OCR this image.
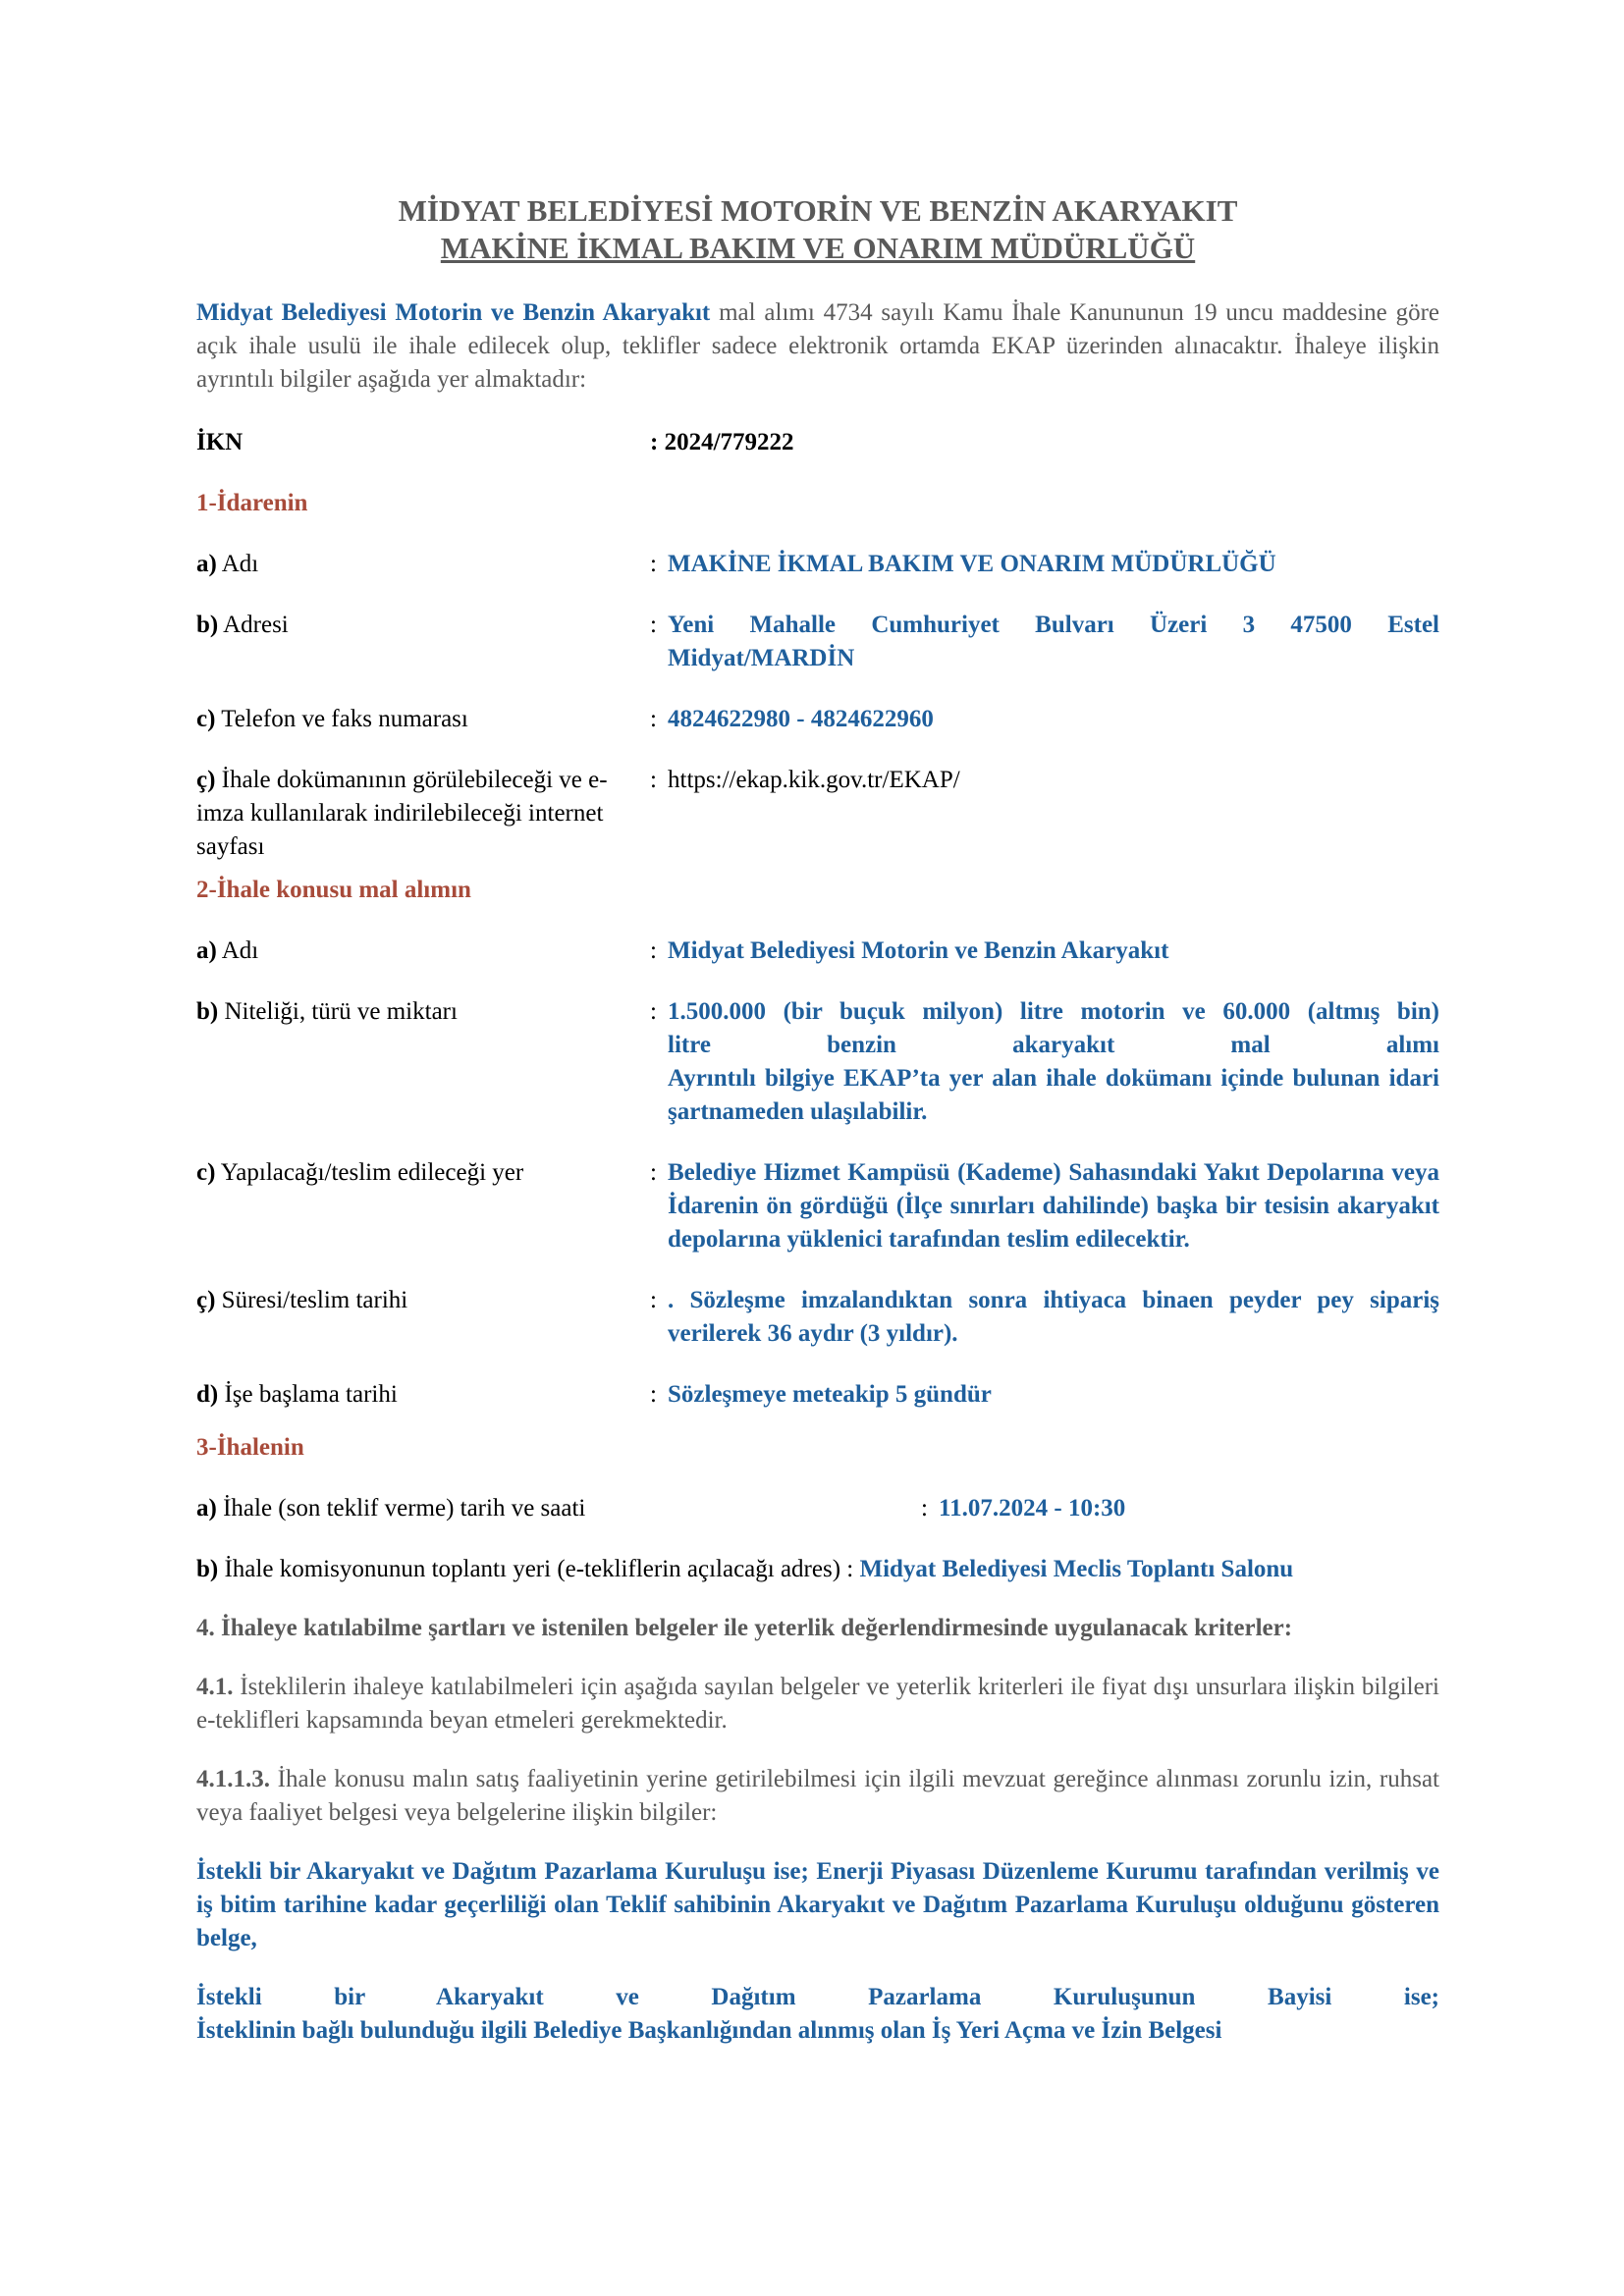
MİDYAT BELEDİYESİ MOTORİN VE BENZİN AKARYAKIT
MAKİNE İKMAL BAKIM VE ONARIM MÜDÜRLÜĞÜ

Midyat Belediyesi Motorin ve Benzin Akaryakıt mal alımı 4734 sayılı Kamu İhale Kanununun 19 uncu maddesine göre açık ihale usulü ile ihale edilecek olup, teklifler sadece elektronik ortamda EKAP üzerinden alınacaktır. İhaleye ilişkin ayrıntılı bilgiler aşağıda yer almaktadır:

İKN	: 2024/779222

1-İdarenin

a) Adı	: MAKİNE İKMAL BAKIM VE ONARIM MÜDÜRLÜĞÜ
b) Adresi	: Yeni Mahalle Cumhuriyet Bulvarı Üzeri 3 47500 Estel
Midyat/MARDİN
c) Telefon ve faks numarası	: 4824622980 - 4824622960
ç) İhale dokümanının görülebileceği ve e-imza kullanılarak indirilebileceği internet sayfası
: https://ekap.kik.gov.tr/EKAP/

2-İhale konusu mal alımın

a) Adı	: Midyat Belediyesi Motorin ve Benzin Akaryakıt
b) Niteliği, türü ve miktarı	: 1.500.000 (bir buçuk milyon) litre motorin ve 60.000 (altmış bin)
litre benzin akaryakıt mal alımı
Ayrıntılı bilgiye EKAP’ta yer alan ihale dokümanı içinde bulunan idari şartnameden ulaşılabilir.
c) Yapılacağı/teslim edileceği yer	: Belediye Hizmet Kampüsü (Kademe) Sahasındaki Yakıt Depolarına veya İdarenin ön gördüğü (İlçe sınırları dahilinde) başka bir tesisin akaryakıt depolarına yüklenici tarafından teslim edilecektir.
ç) Süresi/teslim tarihi	: . Sözleşme imzalandıktan sonra ihtiyaca binaen peyder pey sipariş verilerek 36 aydır (3 yıldır).
d) İşe başlama tarihi	: Sözleşmeye meteakip 5 gündür

3-İhalenin

a) İhale (son teklif verme) tarih ve saati	: 11.07.2024 - 10:30

b) İhale komisyonunun toplantı yeri (e-tekliflerin açılacağı adres) : Midyat Belediyesi Meclis Toplantı Salonu

4. İhaleye katılabilme şartları ve istenilen belgeler ile yeterlik değerlendirmesinde uygulanacak kriterler:

4.1. İsteklilerin ihaleye katılabilmeleri için aşağıda sayılan belgeler ve yeterlik kriterleri ile fiyat dışı unsurlara ilişkin bilgileri e-teklifleri kapsamında beyan etmeleri gerekmektedir.

4.1.1.3. İhale konusu malın satış faaliyetinin yerine getirilebilmesi için ilgili mevzuat gereğince alınması zorunlu izin, ruhsat veya faaliyet belgesi veya belgelerine ilişkin bilgiler:

İstekli bir Akaryakıt ve Dağıtım Pazarlama Kuruluşu ise; Enerji Piyasası Düzenleme Kurumu tarafından verilmiş ve iş bitim tarihine kadar geçerliliği olan Teklif sahibinin Akaryakıt ve Dağıtım Pazarlama Kuruluşu olduğunu gösteren belge,

İstekli bir Akaryakıt ve Dağıtım Pazarlama Kuruluşunun Bayisi ise;
İsteklinin bağlı bulunduğu ilgili Belediye Başkanlığından alınmış olan İş Yeri Açma ve İzin Belgesi
